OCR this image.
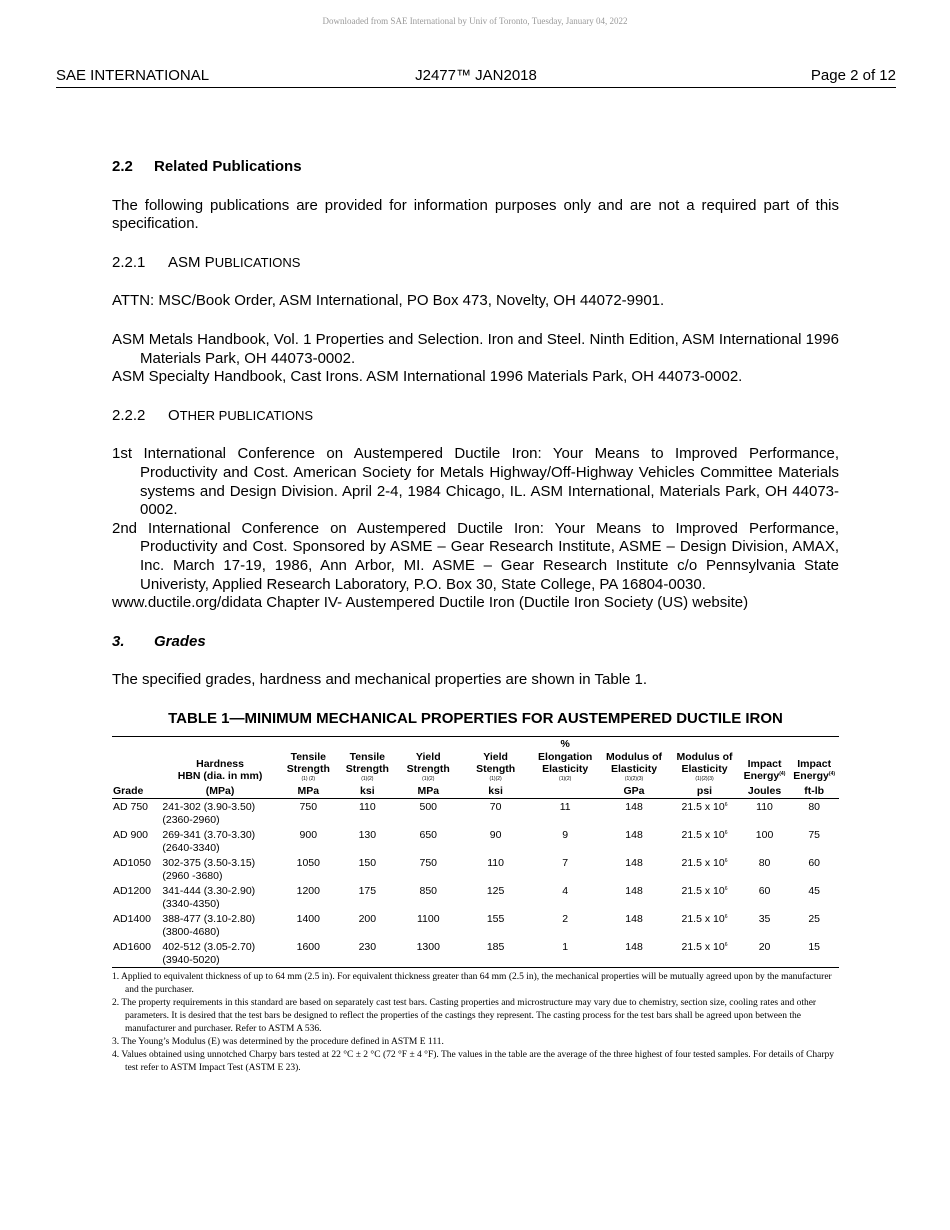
Downloaded from SAE International by Univ of Toronto, Tuesday, January 04, 2022
SAE INTERNATIONAL	J2477™ JAN2018	Page 2 of 12
2.2 Related Publications
The following publications are provided for information purposes only and are not a required part of this specification.
2.2.1 ASM PUBLICATIONS
ATTN: MSC/Book Order, ASM International, PO Box 473, Novelty, OH 44072-9901.
ASM Metals Handbook, Vol. 1 Properties and Selection. Iron and Steel. Ninth Edition, ASM International 1996 Materials Park, OH 44073-0002.
ASM Specialty Handbook, Cast Irons. ASM International 1996 Materials Park, OH 44073-0002.
2.2.2 OTHER PUBLICATIONS
1st International Conference on Austempered Ductile Iron: Your Means to Improved Performance, Productivity and Cost. American Society for Metals Highway/Off-Highway Vehicles Committee Materials systems and Design Division. April 2-4, 1984 Chicago, IL. ASM International, Materials Park, OH 44073-0002.
2nd International Conference on Austempered Ductile Iron: Your Means to Improved Performance, Productivity and Cost. Sponsored by ASME – Gear Research Institute, ASME – Design Division, AMAX, Inc. March 17-19, 1986, Ann Arbor, MI. ASME – Gear Research Institute c/o Pennsylvania State Univeristy, Applied Research Laboratory, P.O. Box 30, State College, PA 16804-0030.
www.ductile.org/didata Chapter IV- Austempered Ductile Iron (Ductile Iron Society (US) website)
3. Grades
The specified grades, hardness and mechanical properties are shown in Table 1.
TABLE 1—MINIMUM MECHANICAL PROPERTIES FOR AUSTEMPERED DUCTILE IRON
	Hardness
HBN (dia. in mm)	Tensile
Strength
(1) (2)	Tensile
Strength
(1)(2)	Yield
Strength
(1)(2)	Yield
Stength
(1)(2)	%
Elongation
Elasticity
(1)(2)	Modulus of
Elasticity
(1)(2)(3)	Modulus of
Elasticity
(1)(2)(3)	Impact
Energy$^{(4)}$	Impact
Energy$^{(4)}$
Grade	(MPa)	MPa	ksi	MPa	ksi		GPa	psi	Joules	ft-lb
AD 750	241-302 (3.90-3.50)
(2360-2960)	750	110	500	70	11	148	21.5 x 10$^6$	110	80
AD 900	269-341 (3.70-3.30)
(2640-3340)	900	130	650	90	9	148	21.5 x 10$^6$	100	75
AD1050	302-375 (3.50-3.15)
(2960 -3680)	1050	150	750	110	7	148	21.5 x 10$^6$	80	60
AD1200	341-444 (3.30-2.90)
(3340-4350)	1200	175	850	125	4	148	21.5 x 10$^6$	60	45
AD1400	388-477 (3.10-2.80)
(3800-4680)	1400	200	1100	155	2	148	21.5 x 10$^6$	35	25
AD1600	402-512 (3.05-2.70)
(3940-5020)	1600	230	1300	185	1	148	21.5 x 10$^6$	20	15

1. Applied to equivalent thickness of up to 64 mm (2.5 in). For equivalent thickness greater than 64 mm (2.5 in), the mechanical properties will be mutually agreed upon by the manufacturer and the purchaser.

2. The property requirements in this standard are based on separately cast test bars. Casting properties and microstructure may vary due to chemistry, section size, cooling rates and other parameters. It is desired that the test bars be designed to reflect the properties of the castings they represent. The casting process for the test bars shall be agreed upon between the manufacturer and purchaser. Refer to ASTM A 536.

3. The Young’s Modulus (E) was determined by the procedure defined in ASTM E 111.

4. Values obtained using unnotched Charpy bars tested at 22 °C ± 2 °C (72 °F ± 4 °F). The values in the table are the average of the three highest of four tested samples. For details of Charpy test refer to ASTM Impact Test (ASTM E 23).
